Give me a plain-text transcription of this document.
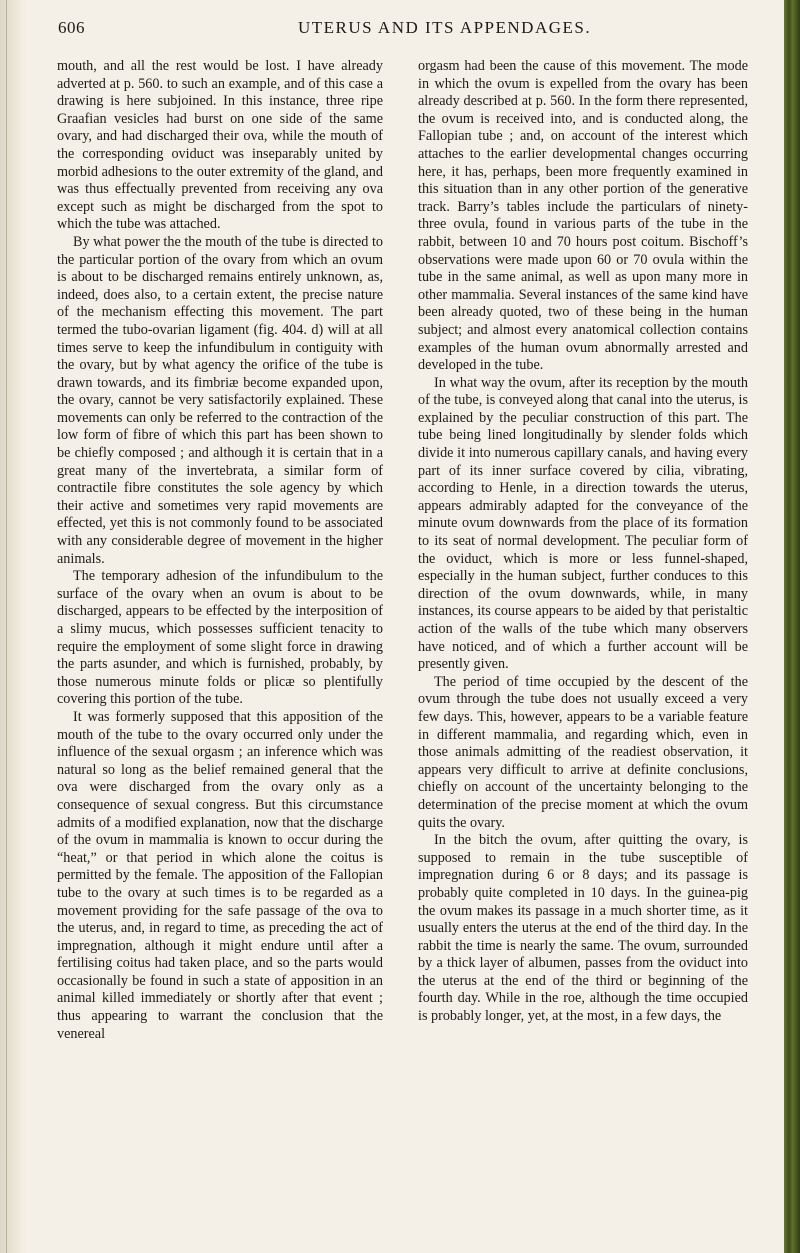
606	UTERUS AND ITS APPENDAGES.

mouth, and all the rest would be lost. I have already adverted at p. 560. to such an example, and of this case a drawing is here subjoined. In this instance, three ripe Graafian vesicles had burst on one side of the same ovary, and had discharged their ova, while the mouth of the corresponding oviduct was inseparably united by morbid adhesions to the outer extremity of the gland, and was thus effectually prevented from receiving any ova except such as might be discharged from the spot to which the tube was attached.

By what power the the mouth of the tube is directed to the particular portion of the ovary from which an ovum is about to be discharged remains entirely unknown, as, indeed, does also, to a certain extent, the precise nature of the mechanism effecting this movement. The part termed the tubo-ovarian ligament (fig. 404. d) will at all times serve to keep the infundibulum in contiguity with the ovary, but by what agency the orifice of the tube is drawn towards, and its fimbriæ become expanded upon, the ovary, cannot be very satisfactorily explained. These movements can only be referred to the contraction of the low form of fibre of which this part has been shown to be chiefly composed ; and although it is certain that in a great many of the invertebrata, a similar form of contractile fibre constitutes the sole agency by which their active and sometimes very rapid movements are effected, yet this is not commonly found to be associated with any considerable degree of movement in the higher animals.

The temporary adhesion of the infundibulum to the surface of the ovary when an ovum is about to be discharged, appears to be effected by the interposition of a slimy mucus, which possesses sufficient tenacity to require the employment of some slight force in drawing the parts asunder, and which is furnished, probably, by those numerous minute folds or plicæ so plentifully covering this portion of the tube.

It was formerly supposed that this apposition of the mouth of the tube to the ovary occurred only under the influence of the sexual orgasm ; an inference which was natural so long as the belief remained general that the ova were discharged from the ovary only as a consequence of sexual congress. But this circumstance admits of a modified explanation, now that the discharge of the ovum in mammalia is known to occur during the “heat,” or that period in which alone the coitus is permitted by the female. The apposition of the Fallopian tube to the ovary at such times is to be regarded as a movement providing for the safe passage of the ova to the uterus, and, in regard to time, as preceding the act of impregnation, although it might endure until after a fertilising coitus had taken place, and so the parts would occasionally be found in such a state of apposition in an animal killed immediately or shortly after that event ; thus appearing to warrant the conclusion that the venereal

orgasm had been the cause of this movement. The mode in which the ovum is expelled from the ovary has been already described at p. 560. In the form there represented, the ovum is received into, and is conducted along, the Fallopian tube ; and, on account of the interest which attaches to the earlier developmental changes occurring here, it has, perhaps, been more frequently examined in this situation than in any other portion of the generative track. Barry’s tables include the particulars of ninety-three ovula, found in various parts of the tube in the rabbit, between 10 and 70 hours post coitum. Bischoff’s observations were made upon 60 or 70 ovula within the tube in the same animal, as well as upon many more in other mammalia. Several instances of the same kind have been already quoted, two of these being in the human subject; and almost every anatomical collection contains examples of the human ovum abnormally arrested and developed in the tube.

In what way the ovum, after its reception by the mouth of the tube, is conveyed along that canal into the uterus, is explained by the peculiar construction of this part. The tube being lined longitudinally by slender folds which divide it into numerous capillary canals, and having every part of its inner surface covered by cilia, vibrating, according to Henle, in a direction towards the uterus, appears admirably adapted for the conveyance of the minute ovum downwards from the place of its formation to its seat of normal development. The peculiar form of the oviduct, which is more or less funnel-shaped, especially in the human subject, further conduces to this direction of the ovum downwards, while, in many instances, its course appears to be aided by that peristaltic action of the walls of the tube which many observers have noticed, and of which a further account will be presently given.

The period of time occupied by the descent of the ovum through the tube does not usually exceed a very few days. This, however, appears to be a variable feature in different mammalia, and regarding which, even in those animals admitting of the readiest observation, it appears very difficult to arrive at definite conclusions, chiefly on account of the uncertainty belonging to the determination of the precise moment at which the ovum quits the ovary.

In the bitch the ovum, after quitting the ovary, is supposed to remain in the tube susceptible of impregnation during 6 or 8 days; and its passage is probably quite completed in 10 days. In the guinea-pig the ovum makes its passage in a much shorter time, as it usually enters the uterus at the end of the third day. In the rabbit the time is nearly the same. The ovum, surrounded by a thick layer of albumen, passes from the oviduct into the uterus at the end of the third or beginning of the fourth day. While in the roe, although the time occupied is probably longer, yet, at the most, in a few days, the
